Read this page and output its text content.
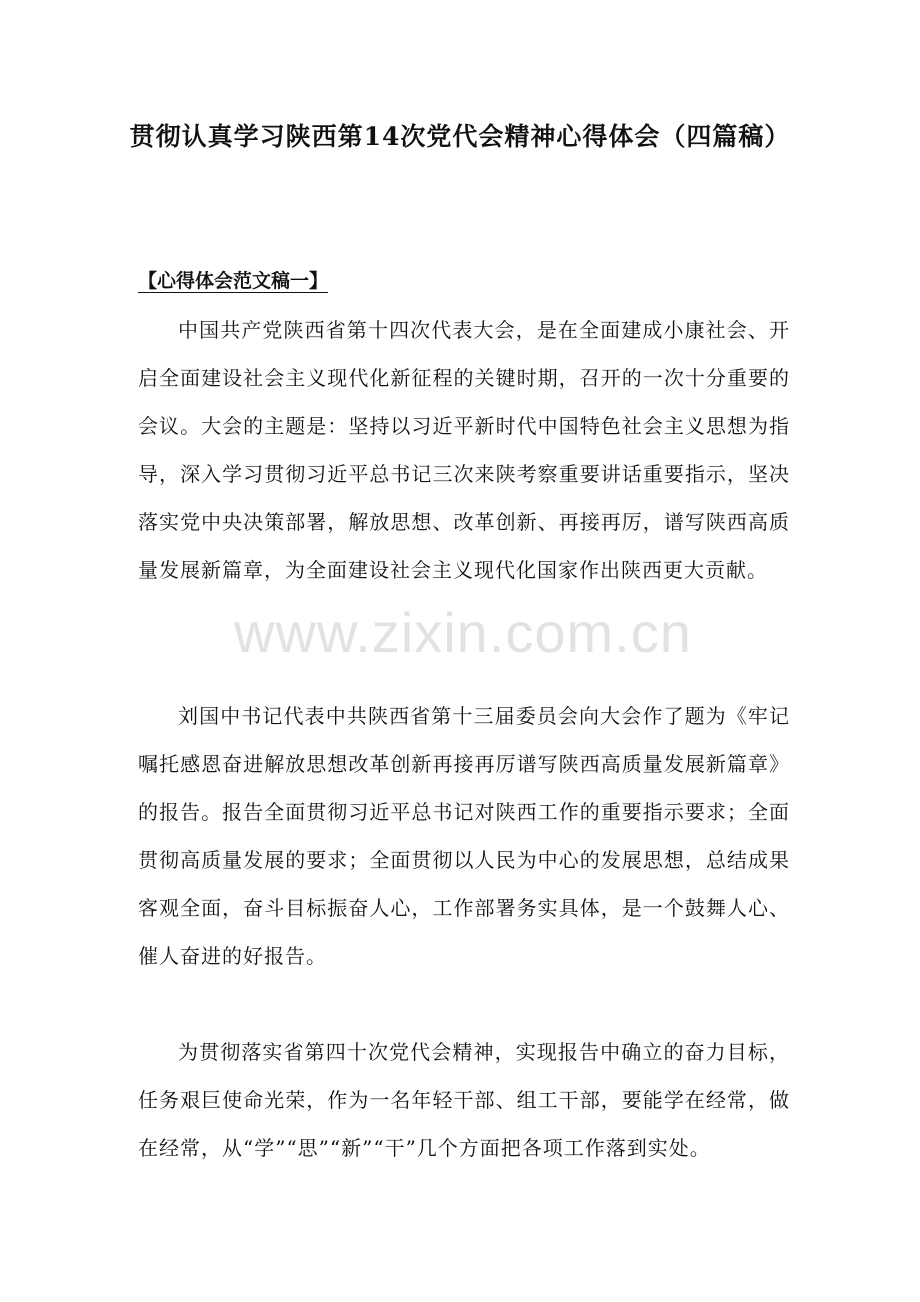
贯彻认真学习陕西第14次党代会精神心得体会（四篇稿）
【心得体会范文稿一】
中国共产党陕西省第十四次代表大会，是在全面建成小康社会、开启全面建设社会主义现代化新征程的关键时期，召开的一次十分重要的会议。大会的主题是：坚持以习近平新时代中国特色社会主义思想为指导，深入学习贯彻习近平总书记三次来陕考察重要讲话重要指示，坚决落实党中央决策部署，解放思想、改革创新、再接再厉，谱写陕西高质量发展新篇章，为全面建设社会主义现代化国家作出陕西更大贡献。
刘国中书记代表中共陕西省第十三届委员会向大会作了题为《牢记嘱托感恩奋进解放思想改革创新再接再厉谱写陕西高质量发展新篇章》的报告。报告全面贯彻习近平总书记对陕西工作的重要指示要求；全面贯彻高质量发展的要求；全面贯彻以人民为中心的发展思想，总结成果客观全面，奋斗目标振奋人心，工作部署务实具体，是一个鼓舞人心、催人奋进的好报告。
为贯彻落实省第四十次党代会精神，实现报告中确立的奋力目标，任务艰巨使命光荣，作为一名年轻干部、组工干部，要能学在经常，做在经常，从“学”“思”“新”“干”几个方面把各项工作落到实处。
www.zixin.com.cn
